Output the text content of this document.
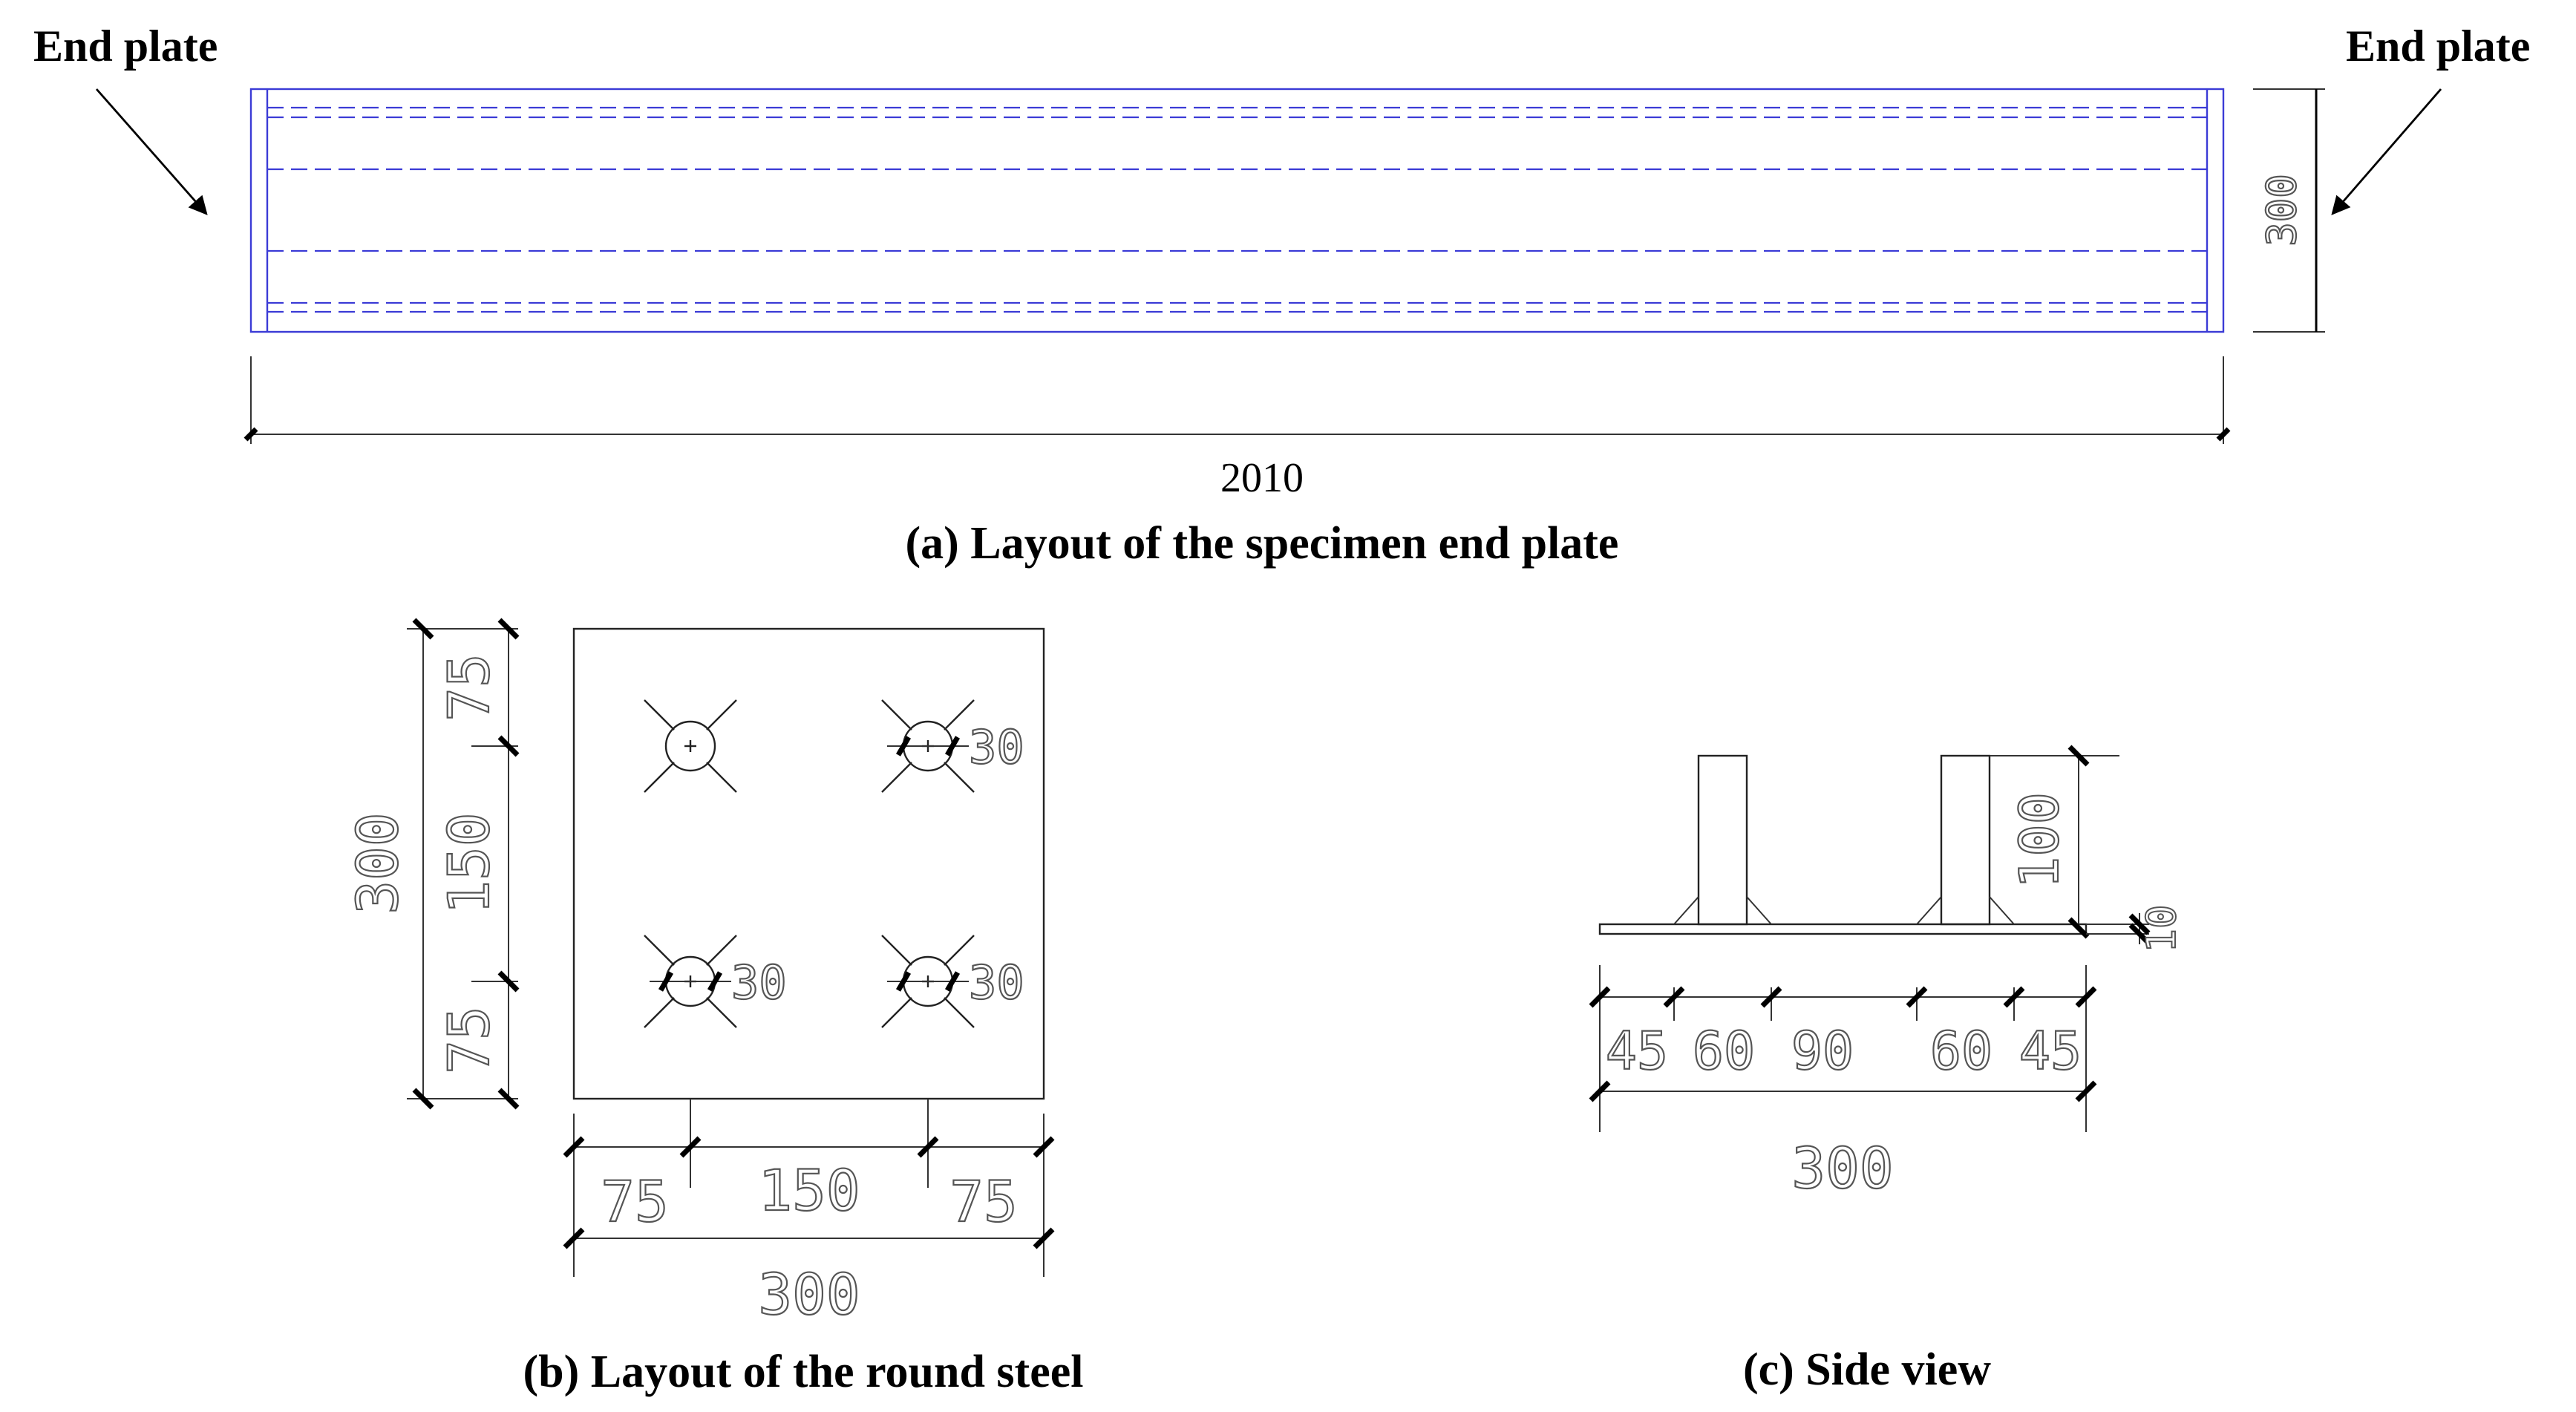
End plate	End plate
2010
300
(a) Layout of the specimen end plate
30
30	30
300
75
150
75
75 150 75
300
(b) Layout of the round steel
100
10
45 60 90 60 45
300
(c) Side view
